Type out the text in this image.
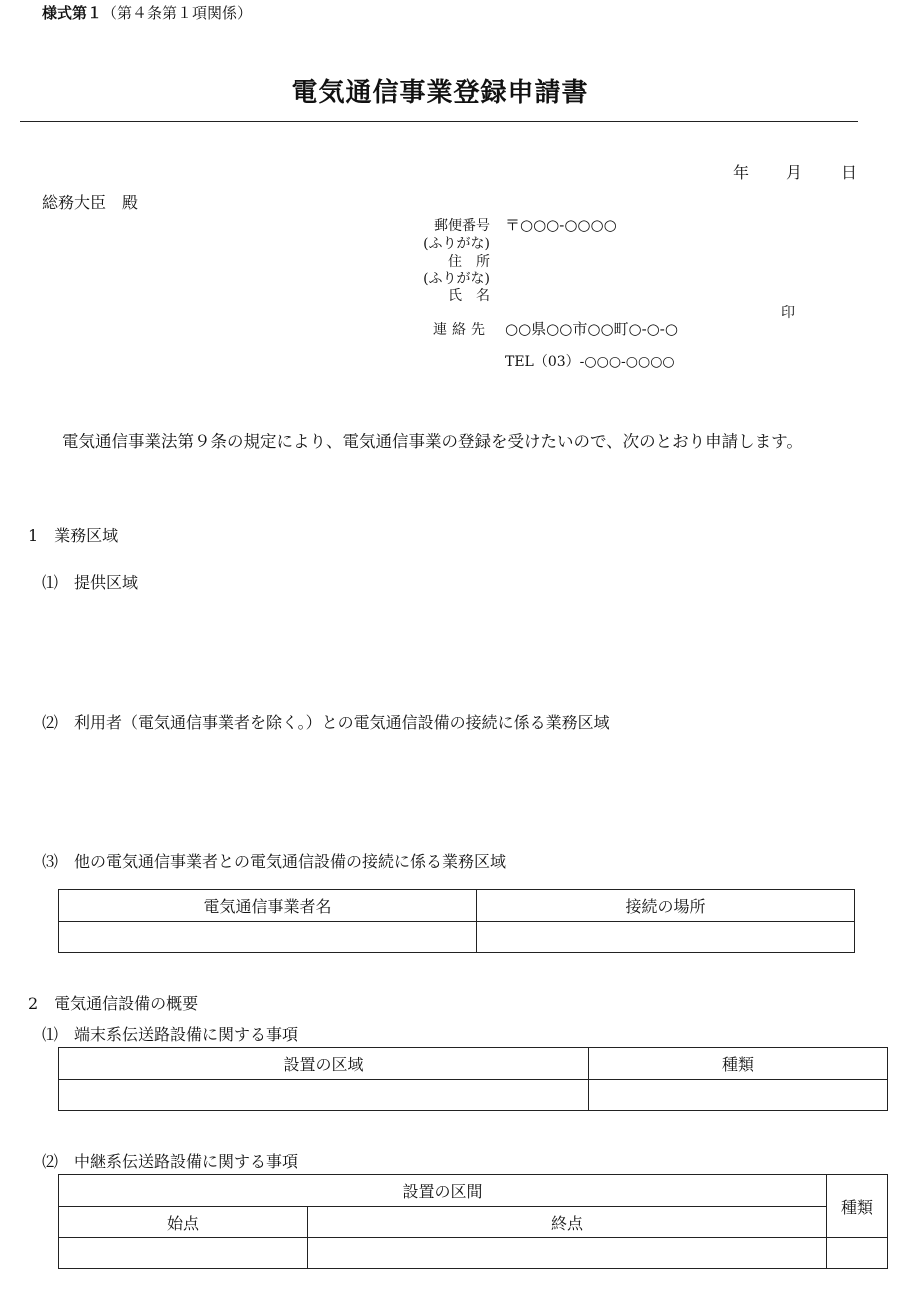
様式第１（第４条第１項関係）
電気通信事業登録申請書
年 月 日
総務大臣　殿
郵便番号 〒○○○-○○○○
(ふりがな)
住　所
(ふりがな)
氏　名
印
連絡先 ○○県○○市○○町○-○-○
TEL（03）-○○○-○○○○
電気通信事業法第９条の規定により、電気通信事業の登録を受けたいので、次のとおり申請します。
1　業務区域
⑴　提供区域
⑵　利用者（電気通信事業者を除く。）との電気通信設備の接続に係る業務区域
⑶　他の電気通信事業者との電気通信設備の接続に係る業務区域
電気通信事業者名	接続の場所

2　電気通信設備の概要
⑴　端末系伝送路設備に関する事項
設置の区域	種類

⑵　中継系伝送路設備に関する事項
設置の区間		種類
始点	終点	
